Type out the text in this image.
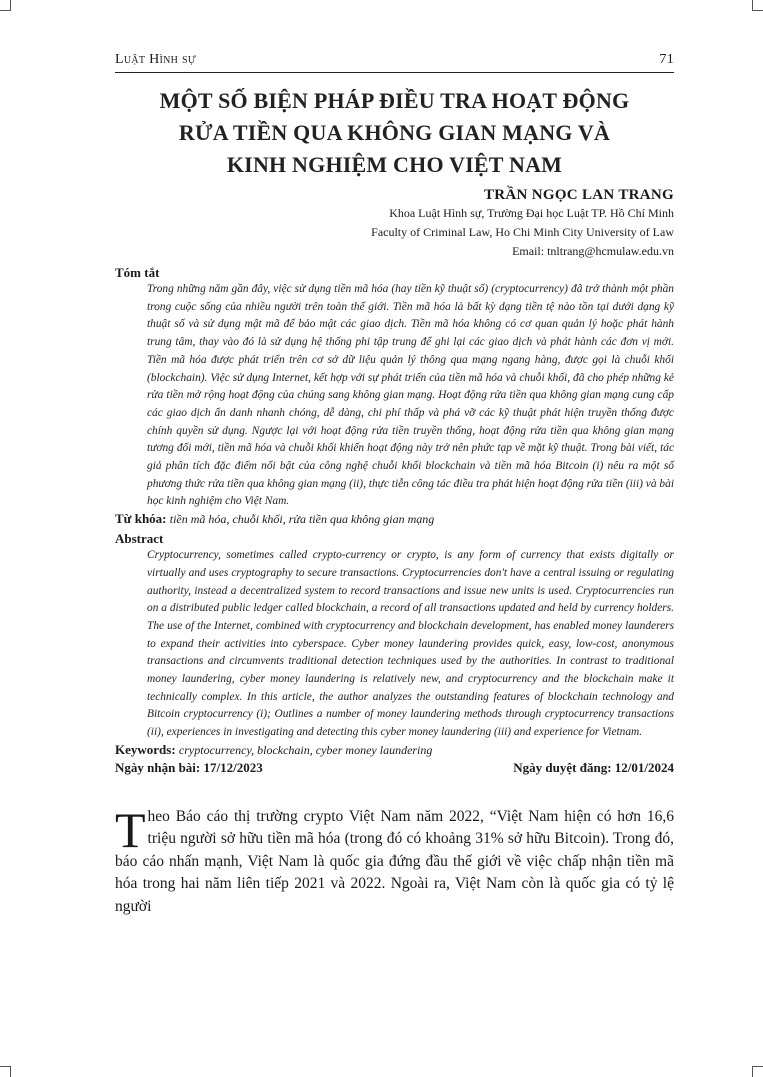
Luật Hình sự	71
MỘT SỐ BIỆN PHÁP ĐIỀU TRA HOẠT ĐỘNG
RỬA TIỀN QUA KHÔNG GIAN MẠNG VÀ
KINH NGHIỆM CHO VIỆT NAM
TRẦN NGỌC LAN TRANG
Khoa Luật Hình sự, Trường Đại học Luật TP. Hồ Chí Minh
Faculty of Criminal Law, Ho Chi Minh City University of Law
Email: tnltrang@hcmulaw.edu.vn
Tóm tắt
Trong những năm gần đây, việc sử dụng tiền mã hóa (hay tiền kỹ thuật số) (cryptocurrency) đã trở thành một phần trong cuộc sống của nhiều người trên toàn thế giới. Tiền mã hóa là bất kỳ dạng tiền tệ nào tồn tại dưới dạng kỹ thuật số và sử dụng mật mã để bảo mật các giao dịch. Tiền mã hóa không có cơ quan quản lý hoặc phát hành trung tâm, thay vào đó là sử dụng hệ thống phi tập trung để ghi lại các giao dịch và phát hành các đơn vị mới. Tiền mã hóa được phát triển trên cơ sở dữ liệu quản lý thông qua mạng ngang hàng, được gọi là chuỗi khối (blockchain). Việc sử dụng Internet, kết hợp với sự phát triển của tiền mã hóa và chuỗi khối, đã cho phép những kẻ rửa tiền mở rộng hoạt động của chúng sang không gian mạng. Hoạt động rửa tiền qua không gian mạng cung cấp các giao dịch ẩn danh nhanh chóng, dễ dàng, chi phí thấp và phá vỡ các kỹ thuật phát hiện truyền thống được chính quyền sử dụng. Ngược lại với hoạt động rửa tiền truyền thống, hoạt động rửa tiền qua không gian mạng tương đối mới, tiền mã hóa và chuỗi khối khiến hoạt động này trở nên phức tạp về mặt kỹ thuật. Trong bài viết, tác giả phân tích đặc điểm nổi bật của công nghệ chuỗi khối blockchain và tiền mã hóa Bitcoin (i) nêu ra một số phương thức rửa tiền qua không gian mạng (ii), thực tiễn công tác điều tra phát hiện hoạt động rửa tiền (iii) và bài học kinh nghiệm cho Việt Nam.
Từ khóa: tiền mã hóa, chuỗi khối, rửa tiền qua không gian mạng
Abstract
Cryptocurrency, sometimes called crypto-currency or crypto, is any form of currency that exists digitally or virtually and uses cryptography to secure transactions. Cryptocurrencies don't have a central issuing or regulating authority, instead a decentralized system to record transactions and issue new units is used. Cryptocurrencies run on a distributed public ledger called blockchain, a record of all transactions updated and held by currency holders. The use of the Internet, combined with cryptocurrency and blockchain development, has enabled money launderers to expand their activities into cyberspace. Cyber money laundering provides quick, easy, low-cost, anonymous transactions and circumvents traditional detection techniques used by the authorities. In contrast to traditional money laundering, cyber money laundering is relatively new, and cryptocurrency and the blockchain make it technically complex. In this article, the author analyzes the outstanding features of blockchain technology and Bitcoin cryptocurrency (i); Outlines a number of money laundering methods through cryptocurrency transactions (ii), experiences in investigating and detecting this cyber money laundering (iii) and experience for Vietnam.
Keywords: cryptocurrency, blockchain, cyber money laundering
Ngày nhận bài: 17/12/2023	Ngày duyệt đăng: 12/01/2024
Theo Báo cáo thị trường crypto Việt Nam năm 2022, “Việt Nam hiện có hơn 16,6 triệu người sở hữu tiền mã hóa (trong đó có khoảng 31% sở hữu Bitcoin). Trong đó, báo cáo nhấn mạnh, Việt Nam là quốc gia đứng đầu thế giới về việc chấp nhận tiền mã hóa trong hai năm liên tiếp 2021 và 2022. Ngoài ra, Việt Nam còn là quốc gia có tỷ lệ người
